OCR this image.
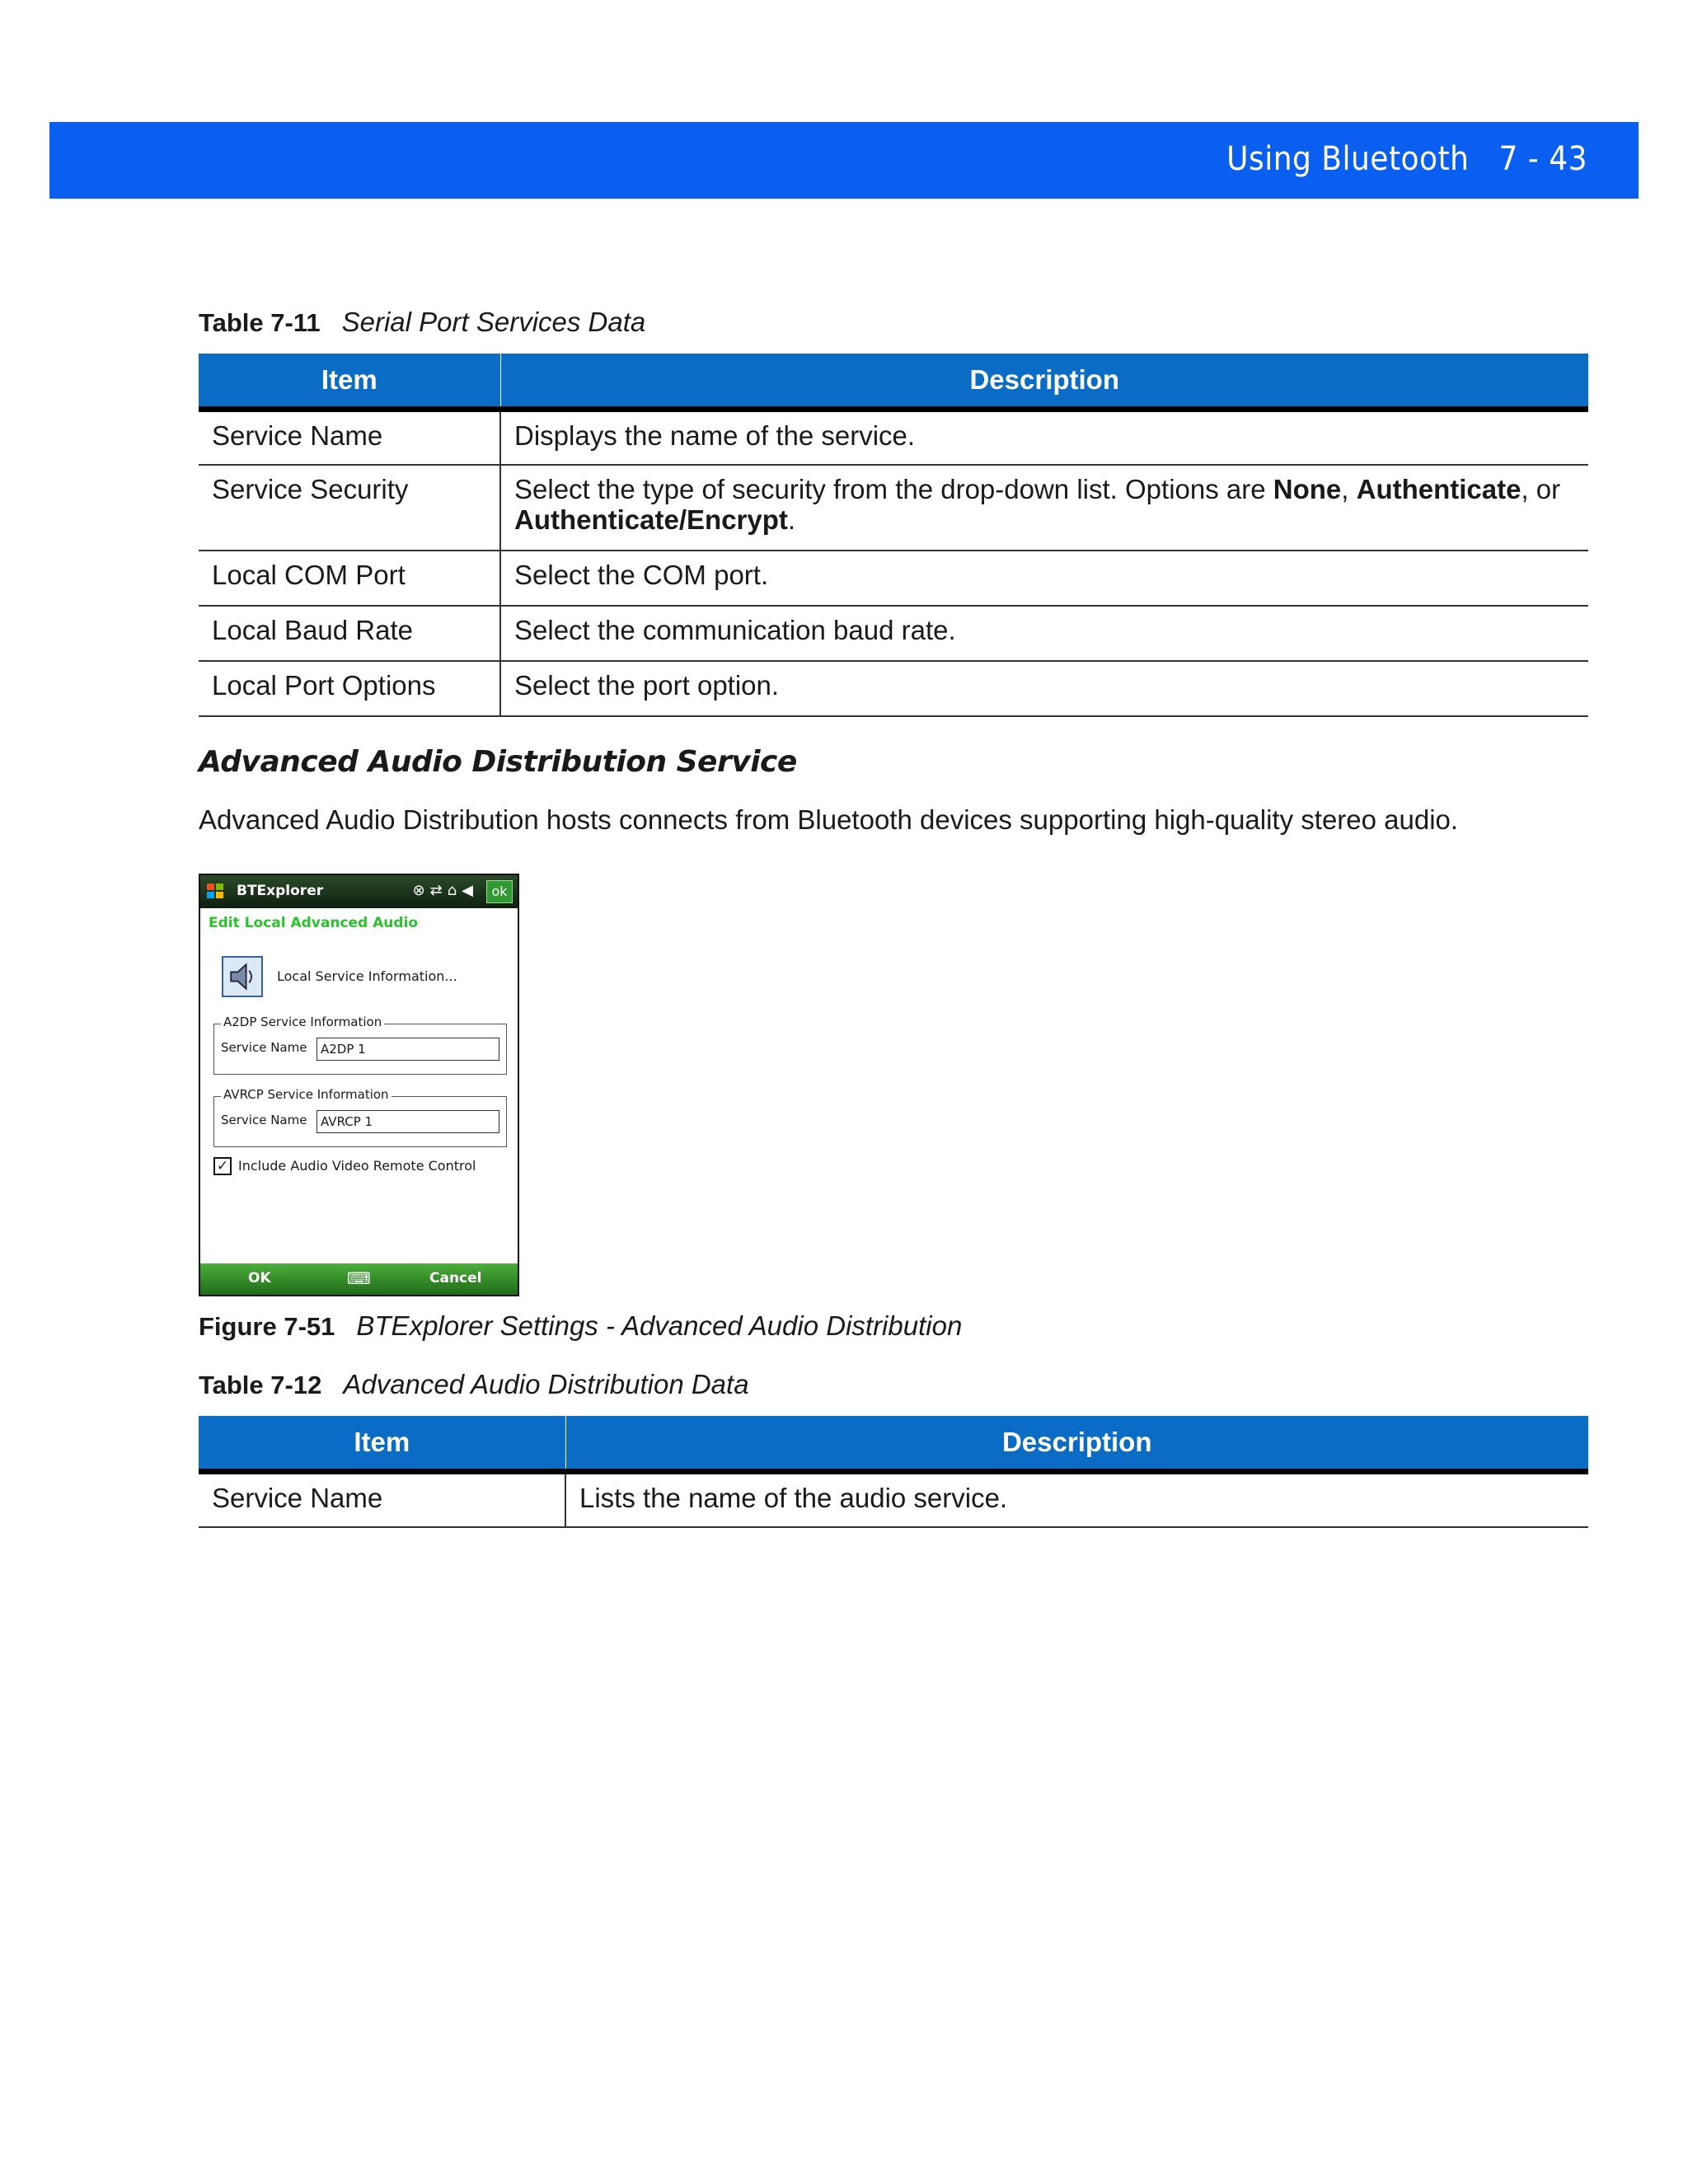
Using Bluetooth 7 - 43
Table 7-11 Serial Port Services Data
Item	Description
Service Name	Displays the name of the service.
Service Security	Select the type of security from the drop-down list. Options are None, Authenticate, or Authenticate/Encrypt.
Local COM Port	Select the COM port.
Local Baud Rate	Select the communication baud rate.
Local Port Options	Select the port option.
Advanced Audio Distribution Service
Advanced Audio Distribution hosts connects from Bluetooth devices supporting high-quality stereo audio.
BTExplorer	⊗⇄⌂◀	ok
Edit Local Advanced Audio
Local Service Information...
A2DP Service Information
Service Name	A2DP 1
AVRCP Service Information
Service Name	AVRCP 1
✓ Include Audio Video Remote Control
OK	⌨	Cancel
Figure 7-51 BTExplorer Settings - Advanced Audio Distribution
Table 7-12 Advanced Audio Distribution Data
Item	Description
Service Name	Lists the name of the audio service.
